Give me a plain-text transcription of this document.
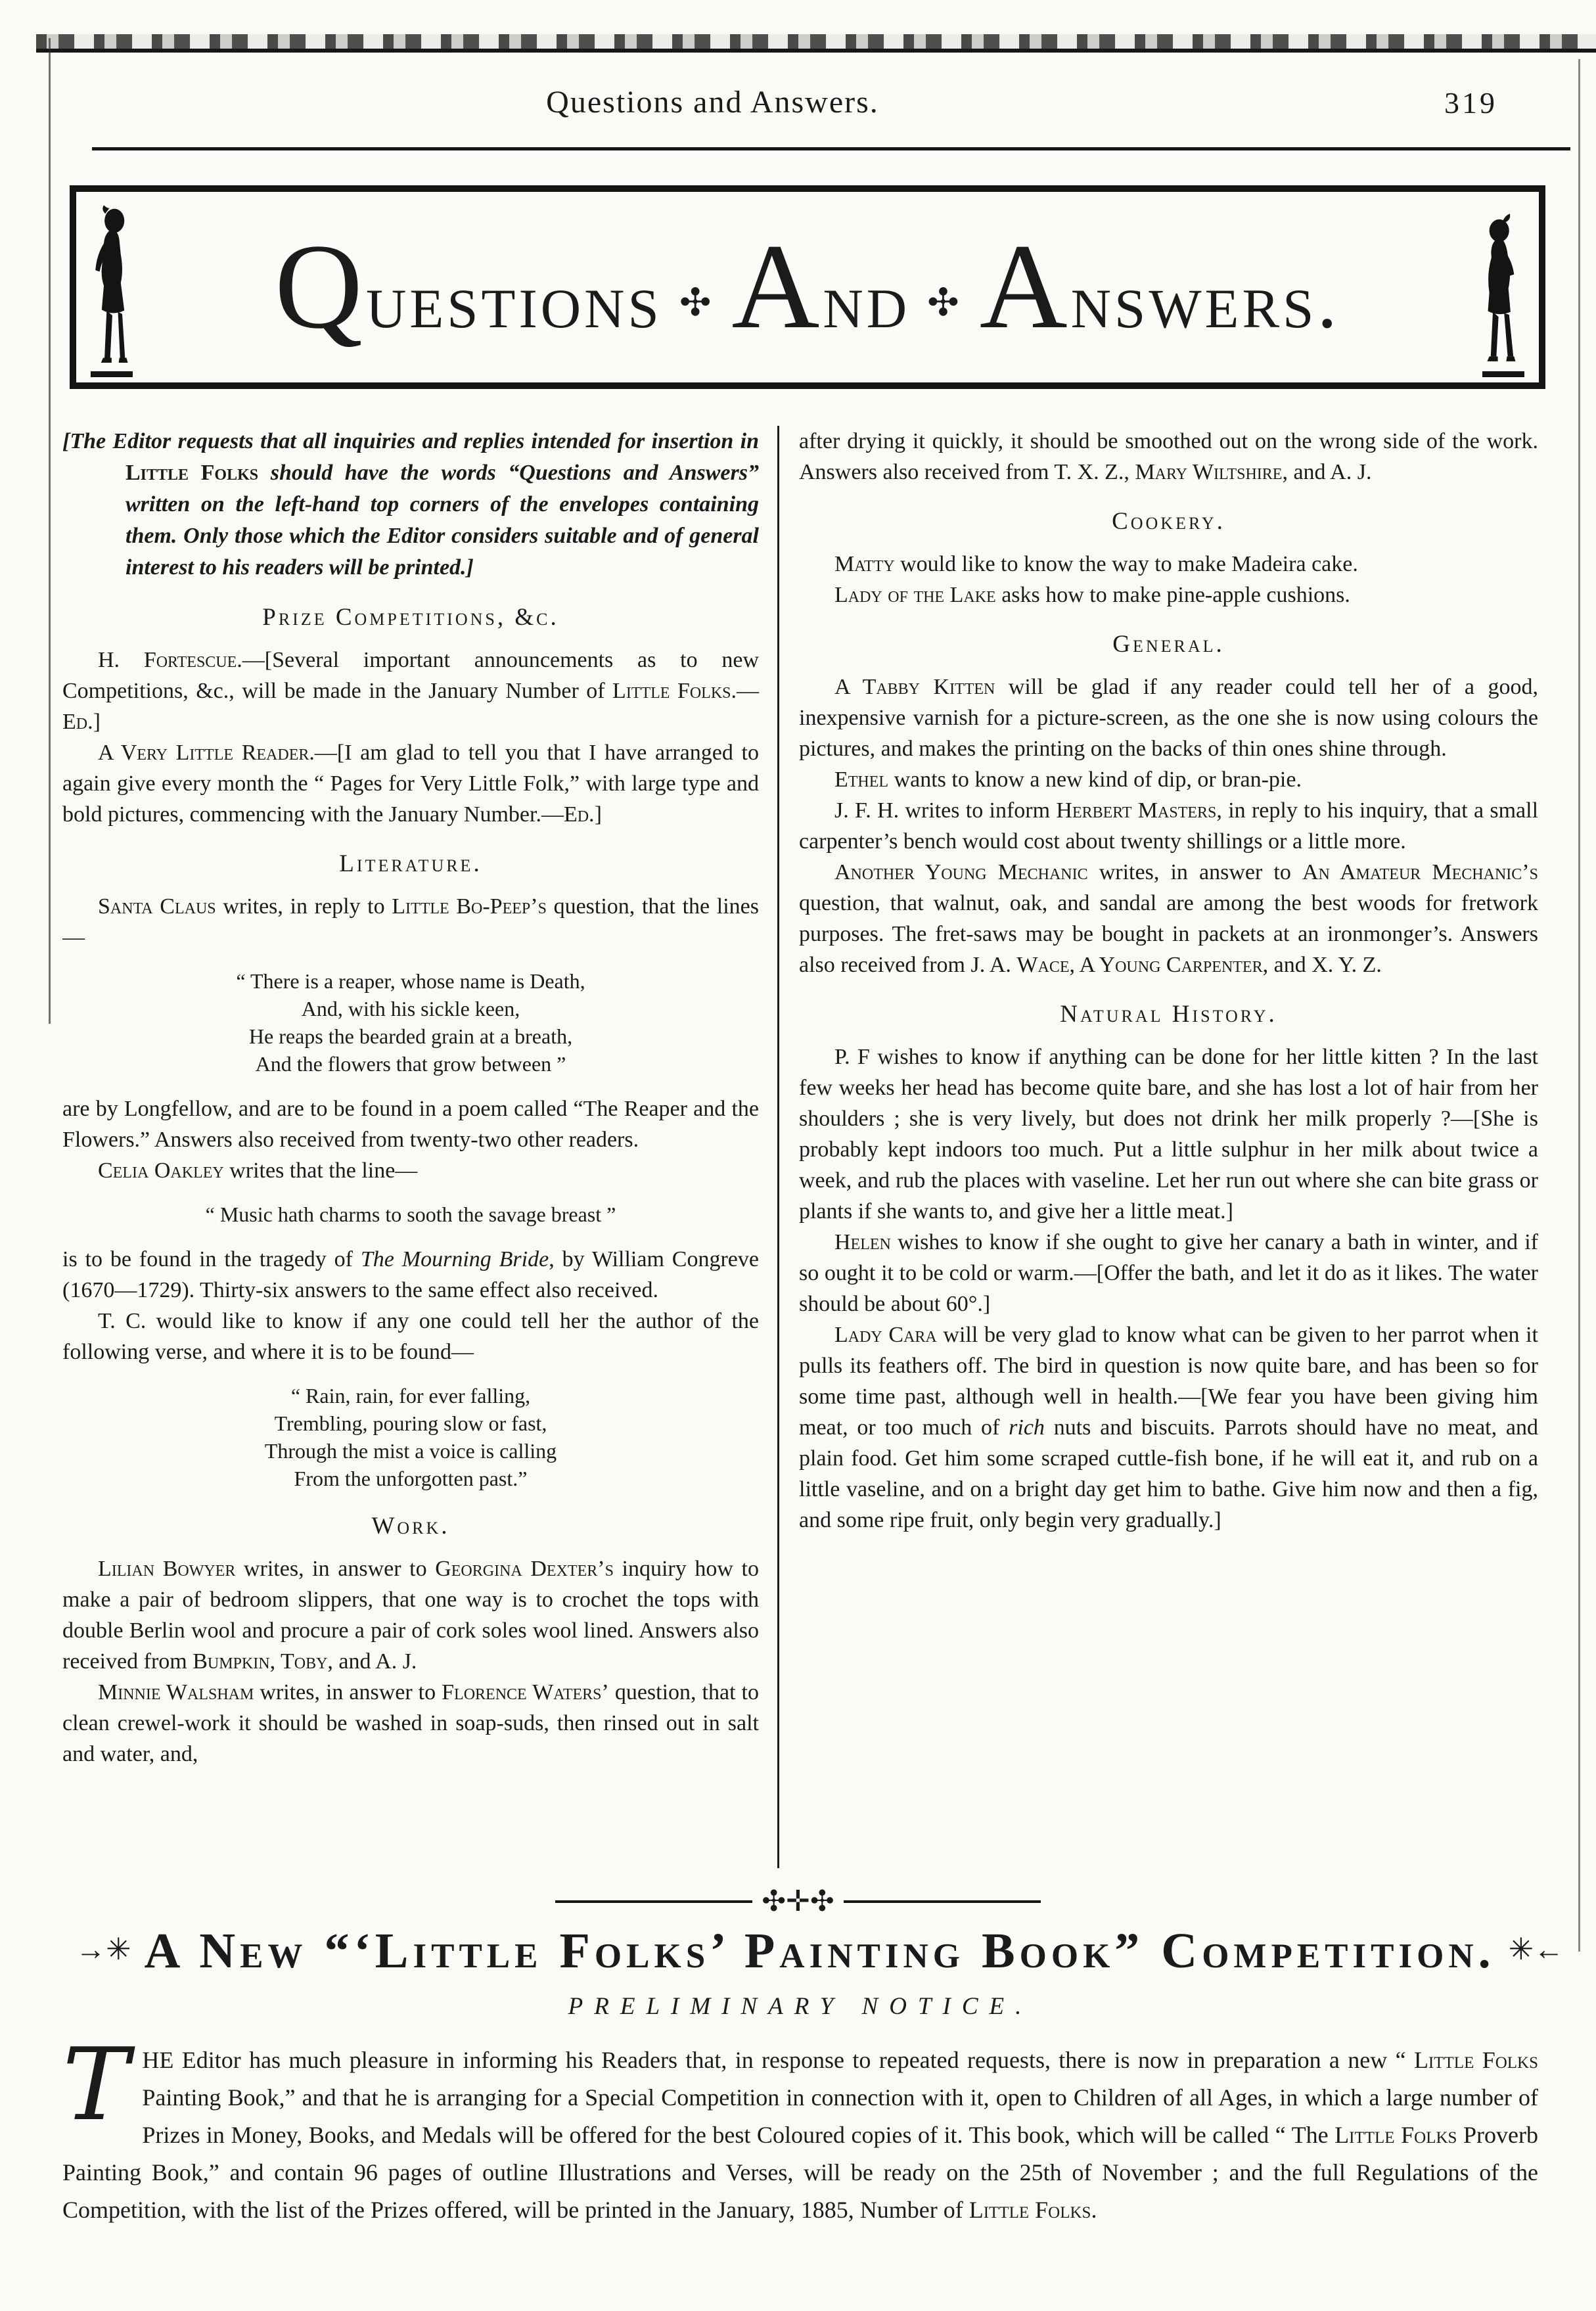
Questions and Answers.	319
Questions ✣ And ✣ Answers.

[The Editor requests that all inquiries and replies intended for insertion in Little Folks should have the words “Questions and Answers” written on the left-hand top corners of the envelopes containing them. Only those which the Editor considers suitable and of general interest to his readers will be printed.]

Prize Competitions, &c.

H. Fortescue.—[Several important announcements as to new Competitions, &c., will be made in the January Number of Little Folks.—Ed.]

A Very Little Reader.—[I am glad to tell you that I have arranged to again give every month the “ Pages for Very Little Folk,” with large type and bold pictures, commencing with the January Number.—Ed.]

Literature.

Santa Claus writes, in reply to Little Bo-Peep’s question, that the lines—

“ There is a reaper, whose name is Death,
And, with his sickle keen,
He reaps the bearded grain at a breath,
And the flowers that grow between ”

are by Longfellow, and are to be found in a poem called “The Reaper and the Flowers.” Answers also received from twenty-two other readers.

Celia Oakley writes that the line—

“ Music hath charms to sooth the savage breast ”

is to be found in the tragedy of The Mourning Bride, by William Congreve (1670—1729). Thirty-six answers to the same effect also received.

T. C. would like to know if any one could tell her the author of the following verse, and where it is to be found—

“ Rain, rain, for ever falling,
Trembling, pouring slow or fast,
Through the mist a voice is calling
From the unforgotten past.”
Work.

Lilian Bowyer writes, in answer to Georgina Dexter’s inquiry how to make a pair of bedroom slippers, that one way is to crochet the tops with double Berlin wool and procure a pair of cork soles wool lined. Answers also received from Bumpkin, Toby, and A. J.

Minnie Walsham writes, in answer to Florence Waters’ question, that to clean crewel-work it should be washed in soap-suds, then rinsed out in salt and water, and,

after drying it quickly, it should be smoothed out on the wrong side of the work. Answers also received from T. X. Z., Mary Wiltshire, and A. J.

Cookery.

Matty would like to know the way to make Madeira cake.

Lady of the Lake asks how to make pine-apple cushions.

General.

A Tabby Kitten will be glad if any reader could tell her of a good, inexpensive varnish for a picture-screen, as the one she is now using colours the pictures, and makes the printing on the backs of thin ones shine through.

Ethel wants to know a new kind of dip, or bran-pie.

J. F. H. writes to inform Herbert Masters, in reply to his inquiry, that a small carpenter’s bench would cost about twenty shillings or a little more.

Another Young Mechanic writes, in answer to An Amateur Mechanic’s question, that walnut, oak, and sandal are among the best woods for fretwork purposes. The fret-saws may be bought in packets at an ironmonger’s. Answers also received from J. A. Wace, A Young Carpenter, and X. Y. Z.

Natural History.

P. F wishes to know if anything can be done for her little kitten ? In the last few weeks her head has become quite bare, and she has lost a lot of hair from her shoulders ; she is very lively, but does not drink her milk properly ?—[She is probably kept indoors too much. Put a little sulphur in her milk about twice a week, and rub the places with vaseline. Let her run out where she can bite grass or plants if she wants to, and give her a little meat.]

Helen wishes to know if she ought to give her canary a bath in winter, and if so ought it to be cold or warm.—[Offer the bath, and let it do as it likes. The water should be about 60°.]

Lady Cara will be very glad to know what can be given to her parrot when it pulls its feathers off. The bird in question is now quite bare, and has been so for some time past, although well in health.—[We fear you have been giving him meat, or too much of rich nuts and biscuits. Parrots should have no meat, and plain food. Get him some scraped cuttle-fish bone, if he will eat it, and rub on a little vaseline, and on a bright day get him to bathe. Give him now and then a fig, and some ripe fruit, only begin very gradually.]

✣✛✣
→✳ A New “‘Little Folks’ Painting Book” Competition. ✳←
PRELIMINARY NOTICE.

THE Editor has much pleasure in informing his Readers that, in response to repeated requests, there is now in preparation a new “ Little Folks Painting Book,” and that he is arranging for a Special Competition in connection with it, open to Children of all Ages, in which a large number of Prizes in Money, Books, and Medals will be offered for the best Coloured copies of it. This book, which will be called “ The Little Folks Proverb Painting Book,” and contain 96 pages of outline Illustrations and Verses, will be ready on the 25th of November ; and the full Regulations of the Competition, with the list of the Prizes offered, will be printed in the January, 1885, Number of Little Folks.
